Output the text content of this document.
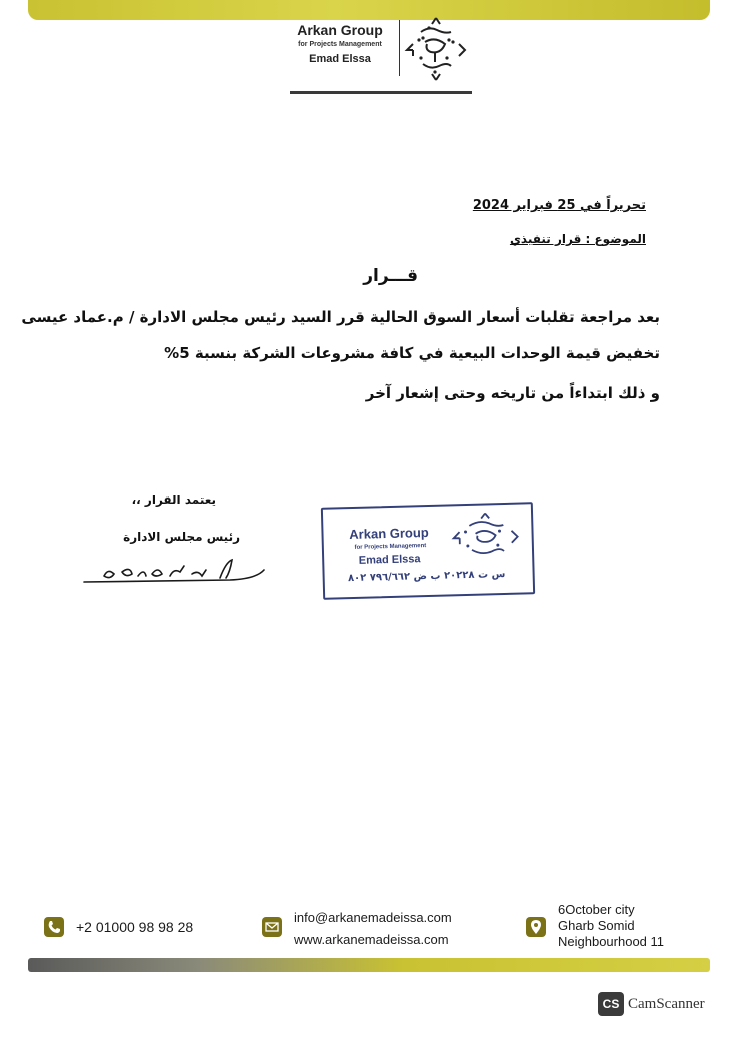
Arkan Group
for Projects Management
Emad Elssa
تحريراً في 25 فبراير 2024
الموضوع : قرار تنفيذي
قـــرار
بعد مراجعة تقلبات أسعار السوق الحالية قرر السيد رئيس مجلس الادارة / م.عماد عيسى
تخفيض قيمة الوحدات البيعية في كافة مشروعات الشركة بنسبة 5%
و ذلك ابتداءاً من تاريخه وحتى إشعار آخر
يعتمد القرار ،،
رئيس مجلس الادارة	Arkan Group
for Projects Management
Emad Elssa
س ت ٢٠٢٢٨ ب ض ٧٩٦/٦٦٢ ٨٠٢
+2 01000 98 98 28
info@arkanemadeissa.com
www.arkanemadeissa.com
6October city
Gharb Somid
Neighbourhood 11
CS CamScanner
